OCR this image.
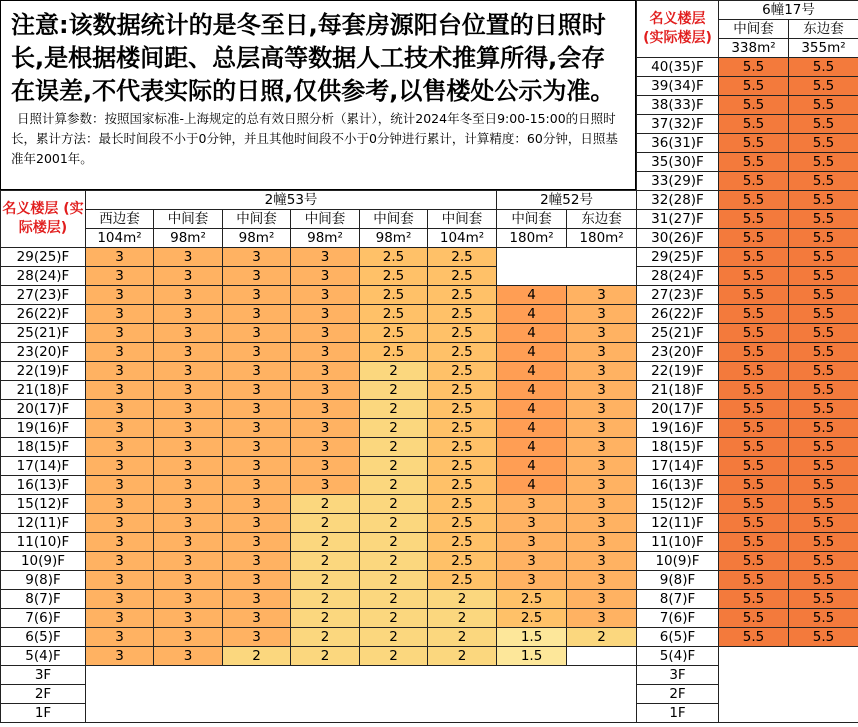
注意:该数据统计的是冬至日,每套房源阳台位置的日照时长,是根据楼间距、总层高等数据人工技术推算所得,会存在误差,不代表实际的日照,仅供参考,以售楼处公示为准。日照计算参数：按照国家标准-上海规定的总有效日照分析（累计），统计2024年冬至日9:00-15:00的日照时长，累计方法：最长时间段不小于0分钟，并且其他时间段不小于0分钟进行累计，计算精度：60分钟，日照基准年2001年。
名义楼层 (实际楼层)	2幢53号						2幢52号	
	西边套	中间套	中间套	中间套	中间套	中间套	中间套	东边套
	104m²	98m²	98m²	98m²	98m²	104m²	180m²	180m²
29(25)F	3	3	3	3	2.5	2.5		
28(24)F	3	3	3	3	2.5	2.5		
27(23)F	3	3	3	3	2.5	2.5	4	3
26(22)F	3	3	3	3	2.5	2.5	4	3
25(21)F	3	3	3	3	2.5	2.5	4	3
23(20)F	3	3	3	3	2.5	2.5	4	3
22(19)F	3	3	3	3	2	2.5	4	3
21(18)F	3	3	3	3	2	2.5	4	3
20(17)F	3	3	3	3	2	2.5	4	3
19(16)F	3	3	3	3	2	2.5	4	3
18(15)F	3	3	3	3	2	2.5	4	3
17(14)F	3	3	3	3	2	2.5	4	3
16(13)F	3	3	3	3	2	2.5	4	3
15(12)F	3	3	3	2	2	2.5	3	3
12(11)F	3	3	3	2	2	2.5	3	3
11(10)F	3	3	3	2	2	2.5	3	3
10(9)F	3	3	3	2	2	2.5	3	3
9(8)F	3	3	3	2	2	2.5	3	3
8(7)F	3	3	3	2	2	2	2.5	3
7(6)F	3	3	3	2	2	2	2.5	3
6(5)F	3	3	3	2	2	2	1.5	2
5(4)F	3	3	2	2	2	2	1.5	
3F								
2F								
1F								
名义楼层 (实际楼层)	6幢17号	
	中间套	东边套
	338m²	355m²
40(35)F	5.5	5.5
39(34)F	5.5	5.5
38(33)F	5.5	5.5
37(32)F	5.5	5.5
36(31)F	5.5	5.5
35(30)F	5.5	5.5
33(29)F	5.5	5.5
32(28)F	5.5	5.5
31(27)F	5.5	5.5
30(26)F	5.5	5.5
29(25)F	5.5	5.5
28(24)F	5.5	5.5
27(23)F	5.5	5.5
26(22)F	5.5	5.5
25(21)F	5.5	5.5
23(20)F	5.5	5.5
22(19)F	5.5	5.5
21(18)F	5.5	5.5
20(17)F	5.5	5.5
19(16)F	5.5	5.5
18(15)F	5.5	5.5
17(14)F	5.5	5.5
16(13)F	5.5	5.5
15(12)F	5.5	5.5
12(11)F	5.5	5.5
11(10)F	5.5	5.5
10(9)F	5.5	5.5
9(8)F	5.5	5.5
8(7)F	5.5	5.5
7(6)F	5.5	5.5
6(5)F	5.5	5.5
5(4)F		
3F		
2F		
1F		
